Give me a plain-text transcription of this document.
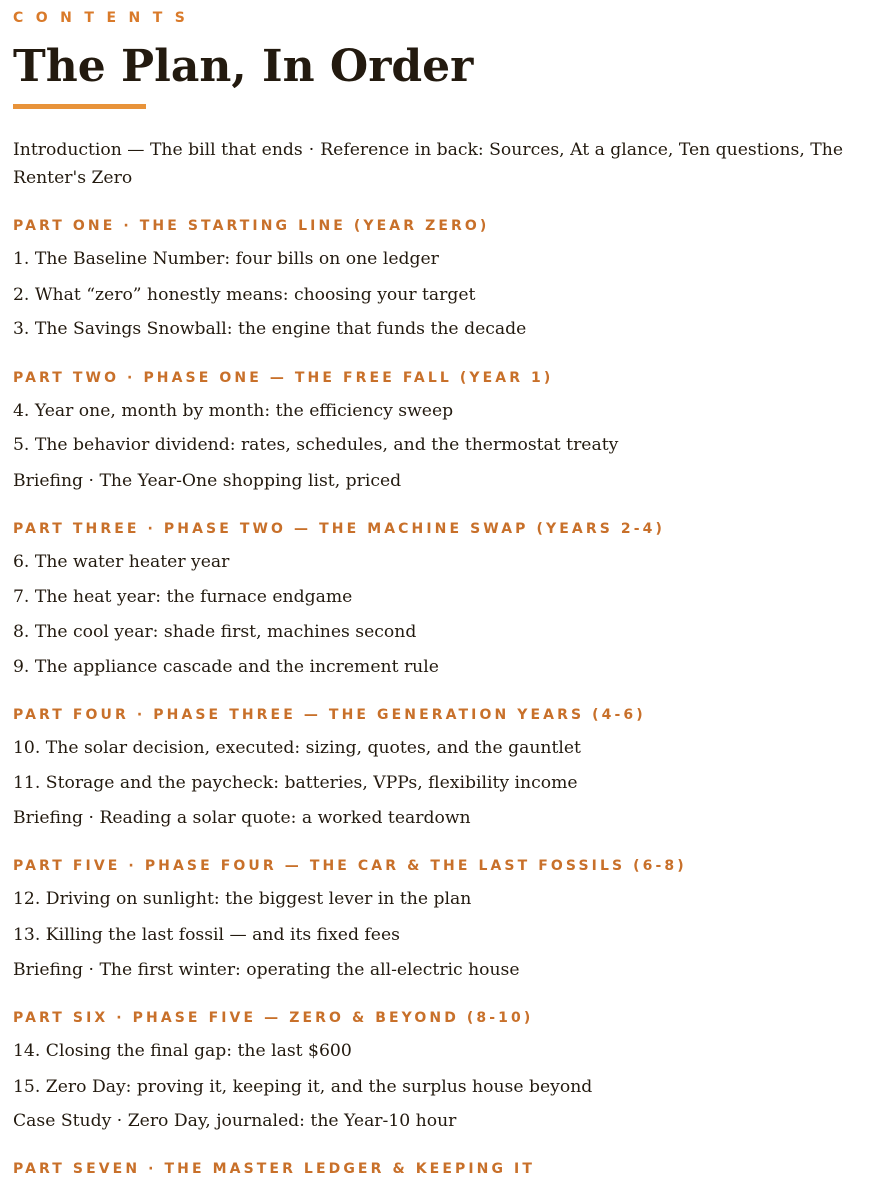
CONTENTS
The Plan, In Order
Introduction — The bill that ends · Reference in back: Sources, At a glance, Ten questions, The Renter's Zero
PART ONE · THE STARTING LINE (YEAR ZERO)
1. The Baseline Number: four bills on one ledger
2. What “zero” honestly means: choosing your target
3. The Savings Snowball: the engine that funds the decade
PART TWO · PHASE ONE — THE FREE FALL (YEAR 1)
4. Year one, month by month: the efficiency sweep
5. The behavior dividend: rates, schedules, and the thermostat treaty
Briefing · The Year-One shopping list, priced
PART THREE · PHASE TWO — THE MACHINE SWAP (YEARS 2-4)
6. The water heater year
7. The heat year: the furnace endgame
8. The cool year: shade first, machines second
9. The appliance cascade and the increment rule
PART FOUR · PHASE THREE — THE GENERATION YEARS (4-6)
10. The solar decision, executed: sizing, quotes, and the gauntlet
11. Storage and the paycheck: batteries, VPPs, flexibility income
Briefing · Reading a solar quote: a worked teardown
PART FIVE · PHASE FOUR — THE CAR & THE LAST FOSSILS (6-8)
12. Driving on sunlight: the biggest lever in the plan
13. Killing the last fossil — and its fixed fees
Briefing · The first winter: operating the all-electric house
PART SIX · PHASE FIVE — ZERO & BEYOND (8-10)
14. Closing the final gap: the last $600
15. Zero Day: proving it, keeping it, and the surplus house beyond
Case Study · Zero Day, journaled: the Year-10 hour
PART SEVEN · THE MASTER LEDGER & KEEPING IT
